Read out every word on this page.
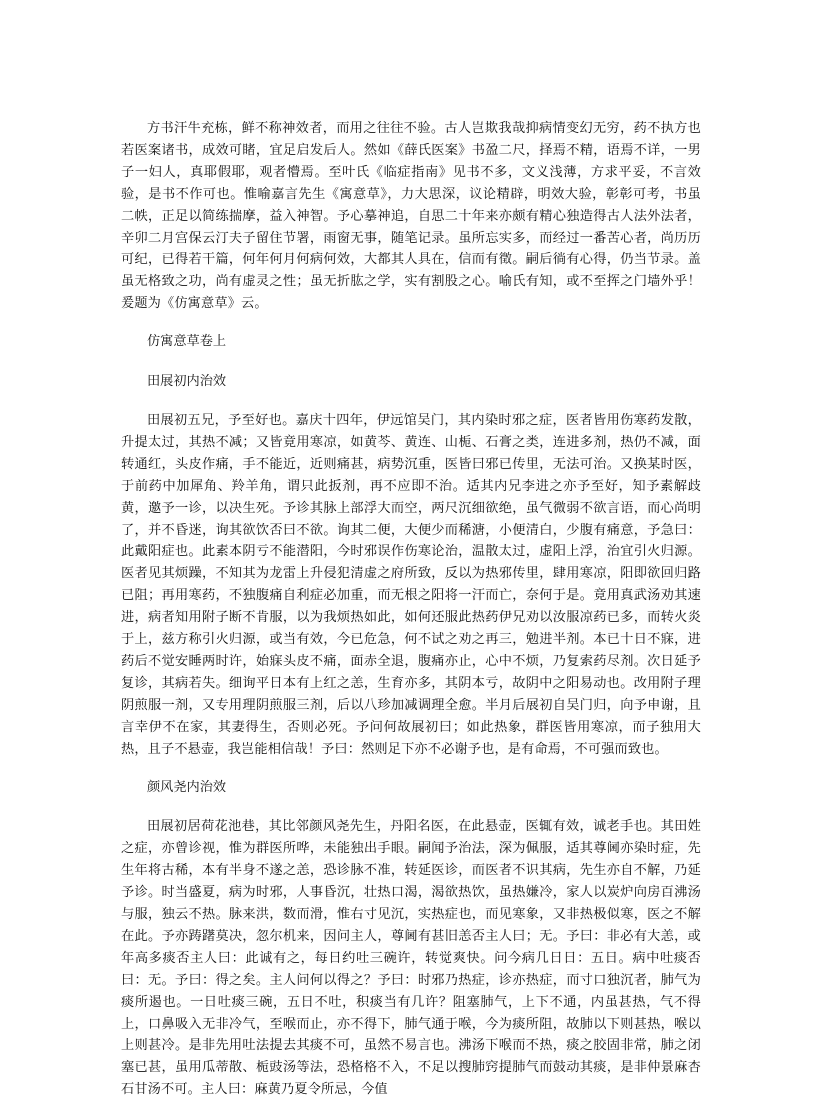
方书汗牛充栋，鲜不称神效者，而用之往往不验。古人岂欺我哉抑病情变幻无穷，药不执方也若医案诸书，成效可睹，宜足启发后人。然如《薛氏医案》书盈二尺，择焉不精，语焉不详，一男子一妇人，真耶假耶，观者懵焉。至叶氏《临症指南》见书不多，文义浅薄，方求平妥，不言效验，是书不作可也。惟喻嘉言先生《寓意草》，力大思深，议论精辟，明效大验，彰彰可考，书虽二帙，正足以简练揣摩，益入神智。予心摹神追，自思二十年来亦颇有精心独造得古人法外法者，辛卯二月宫保云汀夫子留住节署，雨窗无事，随笔记录。虽所忘实多，而经过一番苦心者，尚历历可纪，已得若干篇，何年何月何病何效，大都其人具在，信而有徵。嗣后徜有心得，仍当节录。盖虽无格致之功，尚有虚灵之性；虽无折肱之学，实有割股之心。喻氏有知，或不至挥之门墙外乎！爰题为《仿寓意草》云。

仿寓意草卷上

田展初内治效

田展初五兄，予至好也。嘉庆十四年，伊远馆吴门，其内染时邪之症，医者皆用伤寒药发散，升提太过，其热不减；又皆竟用寒凉，如黄芩、黄连、山栀、石膏之类，连进多剂，热仍不减，面转通红，头皮作痛，手不能近，近则痛甚，病势沉重，医皆曰邪已传里，无法可治。又换某时医，于前药中加犀角、羚羊角，谓只此扳剂，再不应即不治。适其内兄李进之亦予至好，知予素解歧黄，邀予一诊，以决生死。予诊其脉上部浮大而空，两尺沉细欲绝，虽气微弱不欲言语，而心尚明了，并不昏迷，询其欲饮否曰不欲。询其二便，大便少而稀溏，小便清白，少腹有痛意，予急曰：此戴阳症也。此素本阴亏不能潜阳，今时邪误作伤寒论治，温散太过，虚阳上浮，治宜引火归源。医者见其烦躁，不知其为龙雷上升侵犯清虚之府所致，反以为热邪传里，肆用寒凉，阳即欲回归路已阻；再用寒药，不独腹痛自利症必加重，而无根之阳将一汗而亡，奈何于是。竟用真武汤劝其速进，病者知用附子断不肯服，以为我烦热如此，如何还服此热药伊兄劝以汝服凉药已多，而转火炎于上，兹方称引火归源，或当有效，今已危急，何不试之劝之再三，勉进半剂。本已十日不寐，进药后不觉安睡两时许，始寐头皮不痛，面赤全退，腹痛亦止，心中不烦，乃复索药尽剂。次日延予复诊，其病若失。细询平日本有上红之恙，生育亦多，其阴本亏，故阴中之阳易动也。改用附子理阴煎服一剂，又专用理阴煎服三剂，后以八珍加减调理全愈。半月后展初自吴门归，向予申谢，且言幸伊不在家，其妻得生，否则必死。予问何故展初曰；如此热象，群医皆用寒凉，而子独用大热，且子不悬壶，我岂能相信哉！予曰：然则足下亦不必谢予也，是有命焉，不可强而致也。

颜风尧内治效

田展初居荷花池巷，其比邻颜风尧先生，丹阳名医，在此悬壶，医辄有效，诚老手也。其田姓之症，亦曾诊视，惟为群医所哗，未能独出手眼。嗣闻予治法，深为佩服，适其尊阃亦染时症，先生年将古稀，本有半身不遂之恙，恐诊脉不准，转延医诊，而医者不识其病，先生亦自不解，乃延予诊。时当盛夏，病为时邪，人事昏沉，壮热口渴，渴欲热饮，虽热嫌冷，家人以炭炉向房百沸汤与服，独云不热。脉来洪，数而滑，惟右寸见沉，实热症也，而见寒象，又非热极似寒，医之不解在此。予亦踌躇莫决，忽尔机来，因问主人，尊阃有甚旧恙否主人曰；无。予曰：非必有大恙，或年高多痰否主人曰：此诚有之，每日约吐三碗许，转觉爽快。问今病几日日：五日。病中吐痰否曰：无。予曰：得之矣。主人问何以得之？予曰：时邪乃热症，诊亦热症，而寸口独沉者，肺气为痰所遏也。一日吐痰三碗，五日不吐，积痰当有几许？阻塞肺气，上下不通，内虽甚热，气不得上，口鼻吸入无非冷气，至喉而止，亦不得下，肺气通于喉，今为痰所阻，故肺以下则甚热，喉以上则甚冷。是非先用吐法提去其痰不可，虽然不易言也。沸汤下喉而不热，痰之胶固非常，肺之闭塞已甚，虽用瓜蒂散、栀豉汤等法，恐格格不入，不足以搜肺窍提肺气而鼓动其痰，是非仲景麻杏石甘汤不可。主人曰：麻黄乃夏令所忌，今值
